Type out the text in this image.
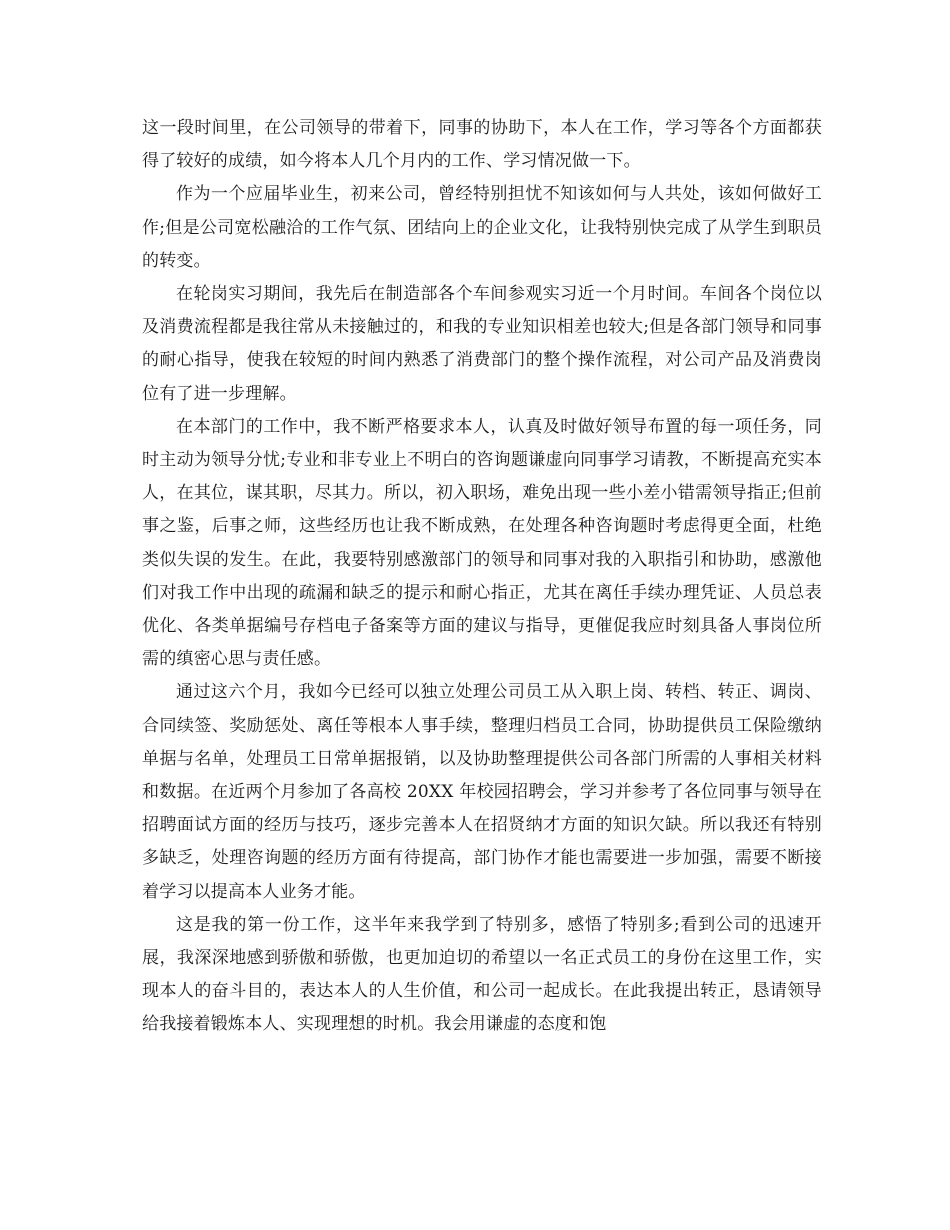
这一段时间里，在公司领导的带着下，同事的协助下，本人在工作，学习等各个方面都获得了较好的成绩，如今将本人几个月内的工作、学习情况做一下。

作为一个应届毕业生，初来公司，曾经特别担忧不知该如何与人共处，该如何做好工作;但是公司宽松融洽的工作气氛、团结向上的企业文化，让我特别快完成了从学生到职员的转变。

在轮岗实习期间，我先后在制造部各个车间参观实习近一个月时间。车间各个岗位以及消费流程都是我往常从未接触过的，和我的专业知识相差也较大;但是各部门领导和同事的耐心指导，使我在较短的时间内熟悉了消费部门的整个操作流程，对公司产品及消费岗位有了进一步理解。

在本部门的工作中，我不断严格要求本人，认真及时做好领导布置的每一项任务，同时主动为领导分忧;专业和非专业上不明白的咨询题谦虚向同事学习请教，不断提高充实本人，在其位，谋其职，尽其力。所以，初入职场，难免出现一些小差小错需领导指正;但前事之鉴，后事之师，这些经历也让我不断成熟，在处理各种咨询题时考虑得更全面，杜绝类似失误的发生。在此，我要特别感激部门的领导和同事对我的入职指引和协助，感激他们对我工作中出现的疏漏和缺乏的提示和耐心指正，尤其在离任手续办理凭证、人员总表优化、各类单据编号存档电子备案等方面的建议与指导，更催促我应时刻具备人事岗位所需的缜密心思与责任感。

通过这六个月，我如今已经可以独立处理公司员工从入职上岗、转档、转正、调岗、合同续签、奖励惩处、离任等根本人事手续，整理归档员工合同，协助提供员工保险缴纳单据与名单，处理员工日常单据报销，以及协助整理提供公司各部门所需的人事相关材料和数据。在近两个月参加了各高校 20XX 年校园招聘会，学习并参考了各位同事与领导在招聘面试方面的经历与技巧，逐步完善本人在招贤纳才方面的知识欠缺。所以我还有特别多缺乏，处理咨询题的经历方面有待提高，部门协作才能也需要进一步加强，需要不断接着学习以提高本人业务才能。

这是我的第一份工作，这半年来我学到了特别多，感悟了特别多;看到公司的迅速开展，我深深地感到骄傲和骄傲，也更加迫切的希望以一名正式员工的身份在这里工作，实现本人的奋斗目的，表达本人的人生价值，和公司一起成长。在此我提出转正，恳请领导给我接着锻炼本人、实现理想的时机。我会用谦虚的态度和饱
